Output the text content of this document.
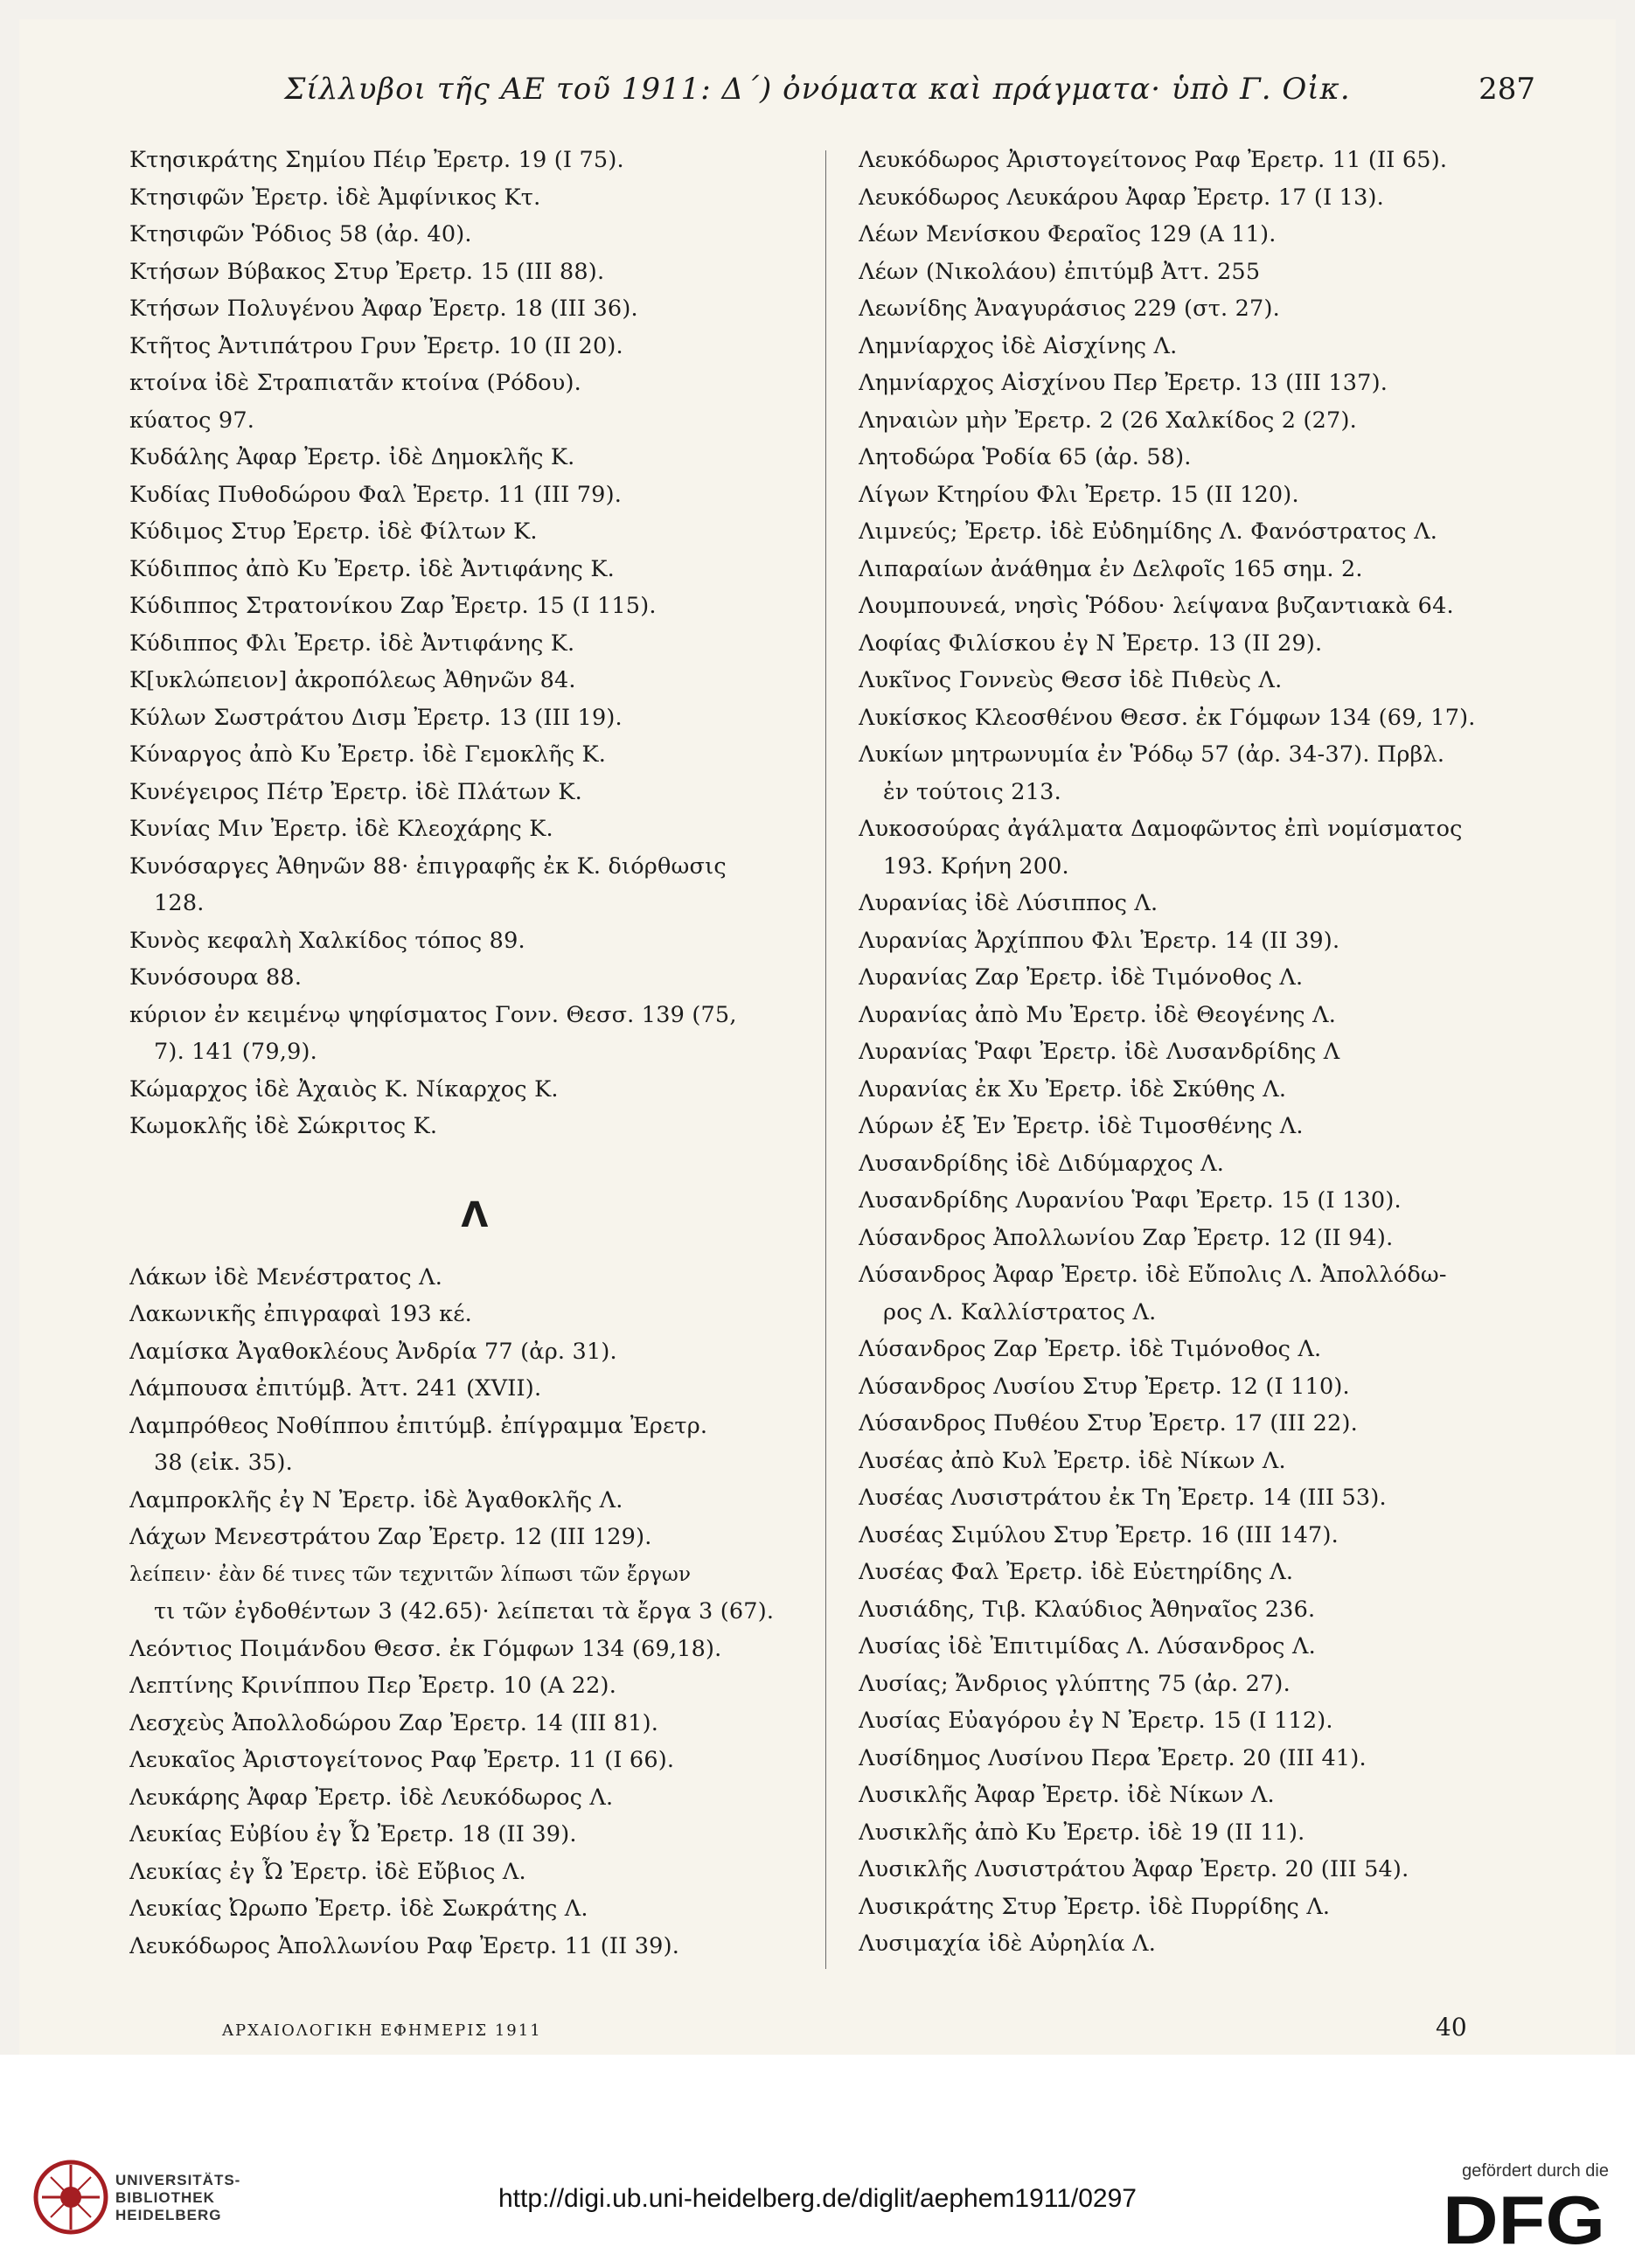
Σίλλυβοι τῆς ΑΕ τοῦ 1911: Δ΄) ὀνόματα καὶ πράγματα· ὑπὸ Γ. Οἰκ.	287
Κτησικράτης Σημίου Πέιρ Ἐρετρ. 19 (Ι 75).
Κτησιφῶν Ἐρετρ. ἰδὲ Ἀμφίνικος Κτ.
Κτησιφῶν Ῥόδιος 58 (ἀρ. 40).
Κτήσων Βύβακος Στυρ Ἐρετρ. 15 (ΙΙΙ 88).
Κτήσων Πολυγένου Ἀφαρ Ἐρετρ. 18 (ΙΙΙ 36).
Κτῆτος Ἀντιπάτρου Γρυν Ἐρετρ. 10 (ΙΙ 20).
κτοίνα ἰδὲ Στραπιατᾶν κτοίνα (Ρόδου).
κύατος 97.
Κυδάλης Ἀφαρ Ἐρετρ. ἰδὲ Δημοκλῆς Κ.
Κυδίας Πυθοδώρου Φαλ Ἐρετρ. 11 (ΙΙΙ 79).
Κύδιμος Στυρ Ἐρετρ. ἰδὲ Φίλτων Κ.
Κύδιππος ἀπὸ Κυ Ἐρετρ. ἰδὲ Ἀντιφάνης Κ.
Κύδιππος Στρατονίκου Ζαρ Ἐρετρ. 15 (Ι 115).
Κύδιππος Φλι Ἐρετρ. ἰδὲ Ἀντιφάνης Κ.
Κ[υκλώπειον] ἀκροπόλεως Ἀθηνῶν 84.
Κύλων Σωστράτου Δισμ Ἐρετρ. 13 (ΙΙΙ 19).
Κύναργος ἀπὸ Κυ Ἐρετρ. ἰδὲ Γεμοκλῆς Κ.
Κυνέγειρος Πέτρ Ἐρετρ. ἰδὲ Πλάτων Κ.
Κυνίας Μιν Ἐρετρ. ἰδὲ Κλεοχάρης Κ.
Κυνόσαργες Ἀθηνῶν 88· ἐπιγραφῆς ἐκ Κ. διόρθωσις
128.
Κυνὸς κεφαλὴ Χαλκίδος τόπος 89.
Κυνόσουρα 88.
κύριον ἐν κειμένῳ ψηφίσματος Γονν. Θεσσ. 139 (75,
7). 141 (79,9).
Κώμαρχος ἰδὲ Ἀχαιὸς Κ. Νίκαρχος Κ.
Κωμοκλῆς ἰδὲ Σώκριτος Κ.
Λ
Λάκων ἰδὲ Μενέστρατος Λ.
Λακωνικῆς ἐπιγραφαὶ 193 κέ.
Λαμίσκα Ἀγαθοκλέους Ἀνδρία 77 (ἀρ. 31).
Λάμπουσα ἐπιτύμβ. Ἀττ. 241 (XVII).
Λαμπρόθεος Νοθίππου ἐπιτύμβ. ἐπίγραμμα Ἐρετρ.
38 (εἰκ. 35).
Λαμπροκλῆς ἐγ Ν Ἐρετρ. ἰδὲ Ἀγαθοκλῆς Λ.
Λάχων Μενεστράτου Ζαρ Ἐρετρ. 12 (ΙΙΙ 129).
λείπειν· ἐὰν δέ τινες τῶν τεχνιτῶν λίπωσι τῶν ἔργων
τι τῶν ἐγδοθέντων 3 (42.65)· λείπεται τὰ ἔργα 3 (67).
Λεόντιος Ποιμάνδου Θεσσ. ἐκ Γόμφων 134 (69,18).
Λεπτίνης Κρινίππου Περ Ἐρετρ. 10 (Α 22).
Λεσχεὺς Ἀπολλοδώρου Ζαρ Ἐρετρ. 14 (ΙΙΙ 81).
Λευκαῖος Ἀριστογείτονος Ραφ Ἐρετρ. 11 (Ι 66).
Λευκάρης Ἀφαρ Ἐρετρ. ἰδὲ Λευκόδωρος Λ.
Λευκίας Εὐβίου ἐγ Ὦ Ἐρετρ. 18 (ΙΙ 39).
Λευκίας ἐγ Ὦ Ἐρετρ. ἰδὲ Εὔβιος Λ.
Λευκίας Ὠρωπο Ἐρετρ. ἰδὲ Σωκράτης Λ.
Λευκόδωρος Ἀπολλωνίου Ραφ Ἐρετρ. 11 (ΙΙ 39).
Λευκόδωρος Ἀριστογείτονος Ραφ Ἐρετρ. 11 (ΙΙ 65).
Λευκόδωρος Λευκάρου Ἀφαρ Ἐρετρ. 17 (Ι 13).
Λέων Μενίσκου Φεραῖος 129 (Α 11).
Λέων (Νικολάου) ἐπιτύμβ Ἀττ. 255
Λεωνίδης Ἀναγυράσιος 229 (στ. 27).
Λημνίαρχος ἰδὲ Αἰσχίνης Λ.
Λημνίαρχος Αἰσχίνου Περ Ἐρετρ. 13 (ΙΙΙ 137).
Ληναιὼν μὴν Ἐρετρ. 2 (26 Χαλκίδος 2 (27).
Λητοδώρα Ῥοδία 65 (ἀρ. 58).
Λίγων Κτηρίου Φλι Ἐρετρ. 15 (ΙΙ 120).
Λιμνεύς; Ἐρετρ. ἰδὲ Εὐδημίδης Λ. Φανόστρατος Λ.
Λιπαραίων ἀνάθημα ἐν Δελφοῖς 165 σημ. 2.
Λουμπουνεά, νησὶς Ῥόδου· λείψανα βυζαντιακὰ 64.
Λοφίας Φιλίσκου ἐγ Ν Ἐρετρ. 13 (ΙΙ 29).
Λυκῖνος Γοννεὺς Θεσσ ἰδὲ Πιθεὺς Λ.
Λυκίσκος Κλεοσθένου Θεσσ. ἐκ Γόμφων 134 (69, 17).
Λυκίων μητρωνυμία ἐν Ῥόδῳ 57 (ἀρ. 34-37). Πρβλ.
ἐν τούτοις 213.
Λυκοσούρας ἀγάλματα Δαμοφῶντος ἐπὶ νομίσματος
193. Κρήνη 200.
Λυρανίας ἰδὲ Λύσιππος Λ.
Λυρανίας Ἀρχίππου Φλι Ἐρετρ. 14 (ΙΙ 39).
Λυρανίας Ζαρ Ἐρετρ. ἰδὲ Τιμόνοθος Λ.
Λυρανίας ἀπὸ Μυ Ἐρετρ. ἰδὲ Θεογένης Λ.
Λυρανίας Ῥαφι Ἐρετρ. ἰδὲ Λυσανδρίδης Λ
Λυρανίας ἐκ Χυ Ἐρετρ. ἰδὲ Σκύθης Λ.
Λύρων ἐξ Ἐν Ἐρετρ. ἰδὲ Τιμοσθένης Λ.
Λυσανδρίδης ἰδὲ Διδύμαρχος Λ.
Λυσανδρίδης Λυρανίου Ῥαφι Ἐρετρ. 15 (Ι 130).
Λύσανδρος Ἀπολλωνίου Ζαρ Ἐρετρ. 12 (ΙΙ 94).
Λύσανδρος Ἀφαρ Ἐρετρ. ἰδὲ Εὔπολις Λ. Ἀπολλόδω-
ρος Λ. Καλλίστρατος Λ.
Λύσανδρος Ζαρ Ἐρετρ. ἰδὲ Τιμόνοθος Λ.
Λύσανδρος Λυσίου Στυρ Ἐρετρ. 12 (Ι 110).
Λύσανδρος Πυθέου Στυρ Ἐρετρ. 17 (ΙΙΙ 22).
Λυσέας ἀπὸ Κυλ Ἐρετρ. ἰδὲ Νίκων Λ.
Λυσέας Λυσιστράτου ἐκ Τη Ἐρετρ. 14 (ΙΙΙ 53).
Λυσέας Σιμύλου Στυρ Ἐρετρ. 16 (ΙΙΙ 147).
Λυσέας Φαλ Ἐρετρ. ἰδὲ Εὐετηρίδης Λ.
Λυσιάδης, Τιβ. Κλαύδιος Ἀθηναῖος 236.
Λυσίας ἰδὲ Ἐπιτιμίδας Λ. Λύσανδρος Λ.
Λυσίας; Ἄνδριος γλύπτης 75 (ἀρ. 27).
Λυσίας Εὐαγόρου ἐγ Ν Ἐρετρ. 15 (Ι 112).
Λυσίδημος Λυσίνου Περα Ἐρετρ. 20 (ΙΙΙ 41).
Λυσικλῆς Ἀφαρ Ἐρετρ. ἰδὲ Νίκων Λ.
Λυσικλῆς ἀπὸ Κυ Ἐρετρ. ἰδὲ 19 (ΙΙ 11).
Λυσικλῆς Λυσιστράτου Ἀφαρ Ἐρετρ. 20 (ΙΙΙ 54).
Λυσικράτης Στυρ Ἐρετρ. ἰδὲ Πυρρίδης Λ.
Λυσιμαχία ἰδὲ Αὐρηλία Λ.
ΑΡΧΑΙΟΛΟΓΙΚΗ ΕΦΗΜΕΡΙΣ 1911	40
UNIVERSITÄTS-
BIBLIOTHEK
HEIDELBERG
http://digi.ub.uni-heidelberg.de/diglit/aephem1911/0297
gefördert durch die
DFG
